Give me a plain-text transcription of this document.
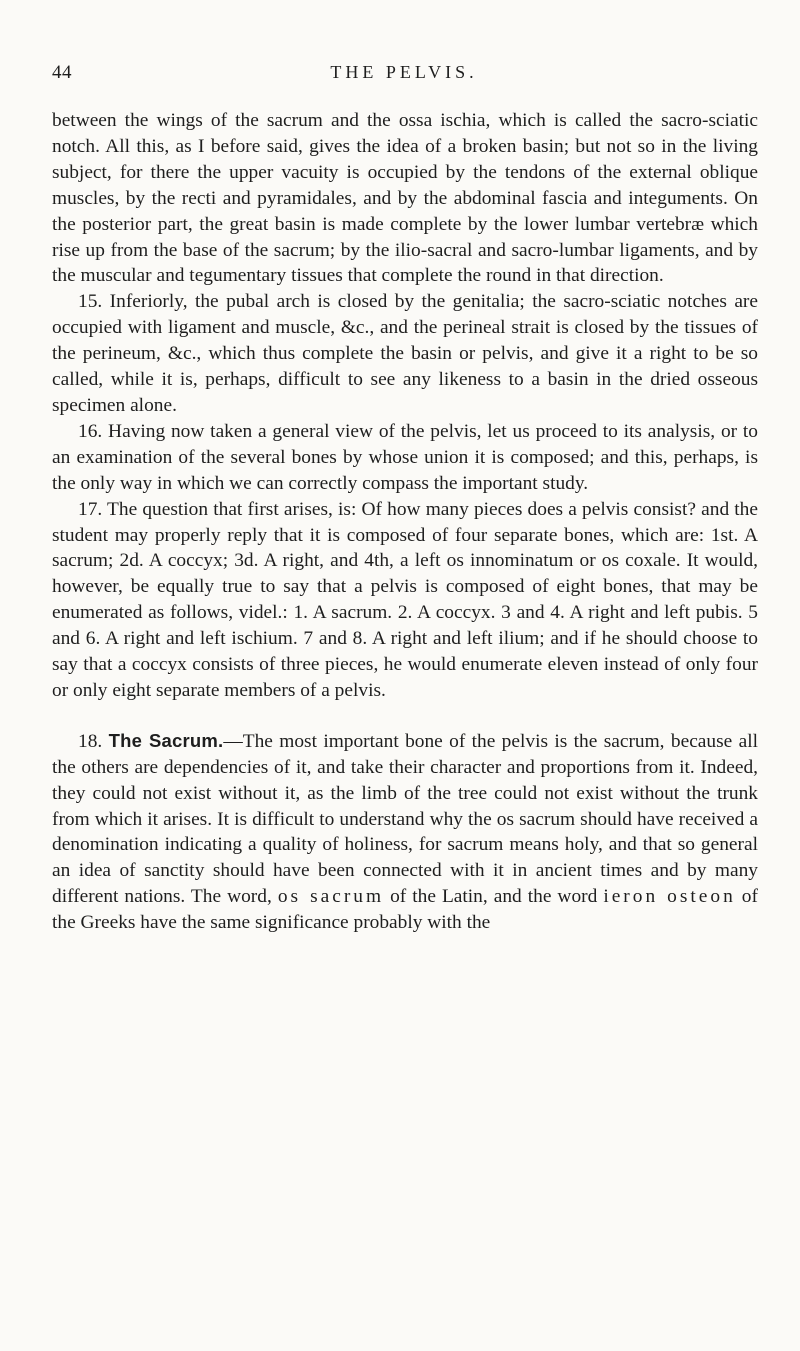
44	THE PELVIS.

between the wings of the sacrum and the ossa ischia, which is called the sacro-sciatic notch. All this, as I before said, gives the idea of a broken basin; but not so in the living subject, for there the upper vacuity is occupied by the tendons of the external oblique muscles, by the recti and pyramidales, and by the abdominal fascia and integuments. On the posterior part, the great basin is made complete by the lower lumbar vertebræ which rise up from the base of the sacrum; by the ilio-sacral and sacro-lumbar ligaments, and by the muscular and tegumentary tissues that complete the round in that direction.

15. Inferiorly, the pubal arch is closed by the genitalia; the sacro-sciatic notches are occupied with ligament and muscle, &c., and the perineal strait is closed by the tissues of the perineum, &c., which thus complete the basin or pelvis, and give it a right to be so called, while it is, perhaps, difficult to see any likeness to a basin in the dried osseous specimen alone.

16. Having now taken a general view of the pelvis, let us proceed to its analysis, or to an examination of the several bones by whose union it is composed; and this, perhaps, is the only way in which we can correctly compass the important study.

17. The question that first arises, is: Of how many pieces does a pelvis consist? and the student may properly reply that it is composed of four separate bones, which are: 1st. A sacrum; 2d. A coccyx; 3d. A right, and 4th, a left os innominatum or os coxale. It would, however, be equally true to say that a pelvis is composed of eight bones, that may be enumerated as follows, videl.: 1. A sacrum. 2. A coccyx. 3 and 4. A right and left pubis. 5 and 6. A right and left ischium. 7 and 8. A right and left ilium; and if he should choose to say that a coccyx consists of three pieces, he would enumerate eleven instead of only four or only eight separate members of a pelvis.

18. The Sacrum.—The most important bone of the pelvis is the sacrum, because all the others are dependencies of it, and take their character and proportions from it. Indeed, they could not exist without it, as the limb of the tree could not exist without the trunk from which it arises. It is difficult to understand why the os sacrum should have received a denomination indicating a quality of holiness, for sacrum means holy, and that so general an idea of sanctity should have been connected with it in ancient times and by many different nations. The word, os sacrum of the Latin, and the word ieron osteon of the Greeks have the same significance probably with the
